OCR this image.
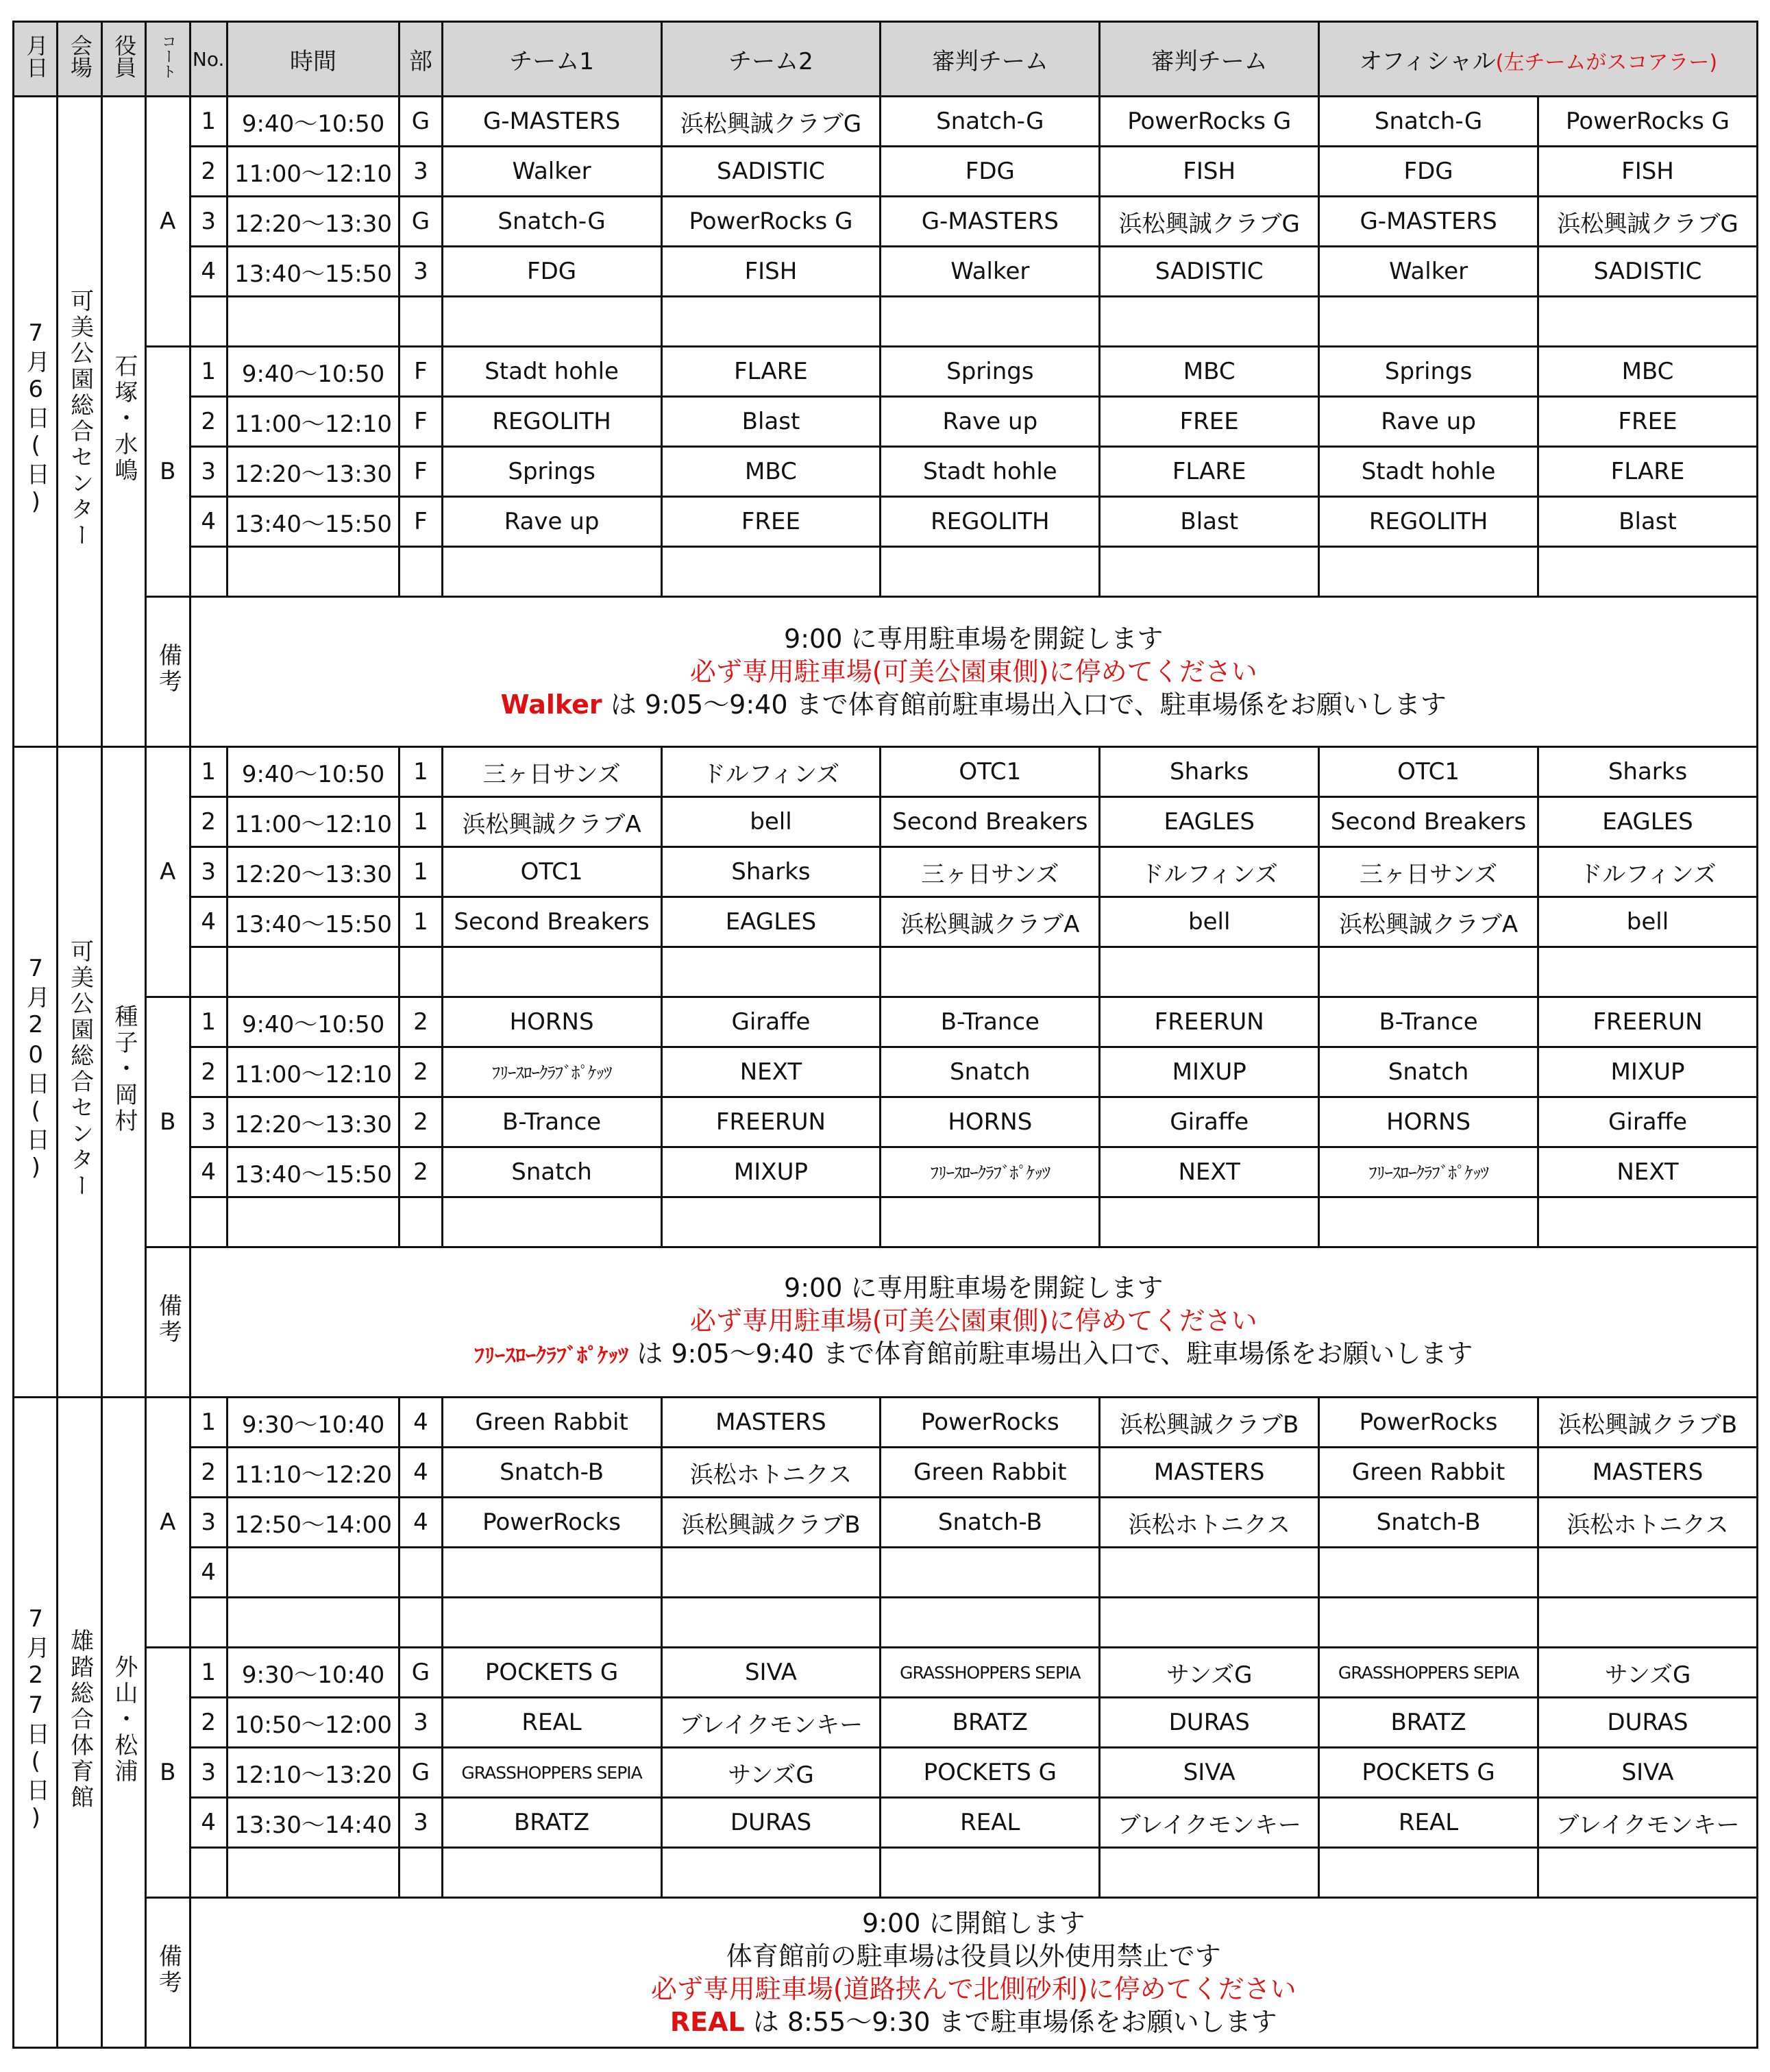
月日	会場	役員	コート	No.	時間	部	チーム1	チーム2	審判チーム	審判チーム	オフィシャル(左チームがスコアラー)	
7月6日(日)	可美公園総合センター	石塚・水嶋	A	1	9:40〜10:50	G	G-MASTERS	浜松興誠クラブG	Snatch-G	PowerRocks G	Snatch-G	PowerRocks G
				2	11:00〜12:10	3	Walker	SADISTIC	FDG	FISH	FDG	FISH
				3	12:20〜13:30	G	Snatch-G	PowerRocks G	G-MASTERS	浜松興誠クラブG	G-MASTERS	浜松興誠クラブG
				4	13:40〜15:50	3	FDG	FISH	Walker	SADISTIC	Walker	SADISTIC

			B	1	9:40〜10:50	F	Stadt hohle	FLARE	Springs	MBC	Springs	MBC
				2	11:00〜12:10	F	REGOLITH	Blast	Rave up	FREE	Rave up	FREE
				3	12:20〜13:30	F	Springs	MBC	Stadt hohle	FLARE	Stadt hohle	FLARE
				4	13:40〜15:50	F	Rave up	FREE	REGOLITH	Blast	REGOLITH	Blast

			備考	9:00 に専用駐車場を開錠します
必ず専用駐車場(可美公園東側)に停めてください
Walker は 9:05〜9:40 まで体育館前駐車場出入口で、駐車場係をお願いします								

7月20日(日)	可美公園総合センター	種子・岡村	A	1	9:40〜10:50	1	三ヶ日サンズ	ドルフィンズ	OTC1	Sharks	OTC1	Sharks
				2	11:00〜12:10	1	浜松興誠クラブA	bell	Second Breakers	EAGLES	Second Breakers	EAGLES
				3	12:20〜13:30	1	OTC1	Sharks	三ヶ日サンズ	ドルフィンズ	三ヶ日サンズ	ドルフィンズ
				4	13:40〜15:50	1	Second Breakers	EAGLES	浜松興誠クラブA	bell	浜松興誠クラブA	bell

			B	1	9:40〜10:50	2	HORNS	Giraffe	B-Trance	FREERUN	B-Trance	FREERUN
				2	11:00〜12:10	2	ﾌﾘｰｽﾛｰｸﾗﾌﾞﾎﾟｹｯﾂ	NEXT	Snatch	MIXUP	Snatch	MIXUP
				3	12:20〜13:30	2	B-Trance	FREERUN	HORNS	Giraffe	HORNS	Giraffe
				4	13:40〜15:50	2	Snatch	MIXUP	ﾌﾘｰｽﾛｰｸﾗﾌﾞﾎﾟｹｯﾂ	NEXT	ﾌﾘｰｽﾛｰｸﾗﾌﾞﾎﾟｹｯﾂ	NEXT

			備考	9:00 に専用駐車場を開錠します
必ず専用駐車場(可美公園東側)に停めてください
ﾌﾘｰｽﾛｰｸﾗﾌﾞﾎﾟｹｯﾂ は 9:05〜9:40 まで体育館前駐車場出入口で、駐車場係をお願いします								

7月27日(日)	雄踏総合体育館	外山・松浦	A	1	9:30〜10:40	4	Green Rabbit	MASTERS	PowerRocks	浜松興誠クラブB	PowerRocks	浜松興誠クラブB
				2	11:10〜12:20	4	Snatch-B	浜松ホトニクス	Green Rabbit	MASTERS	Green Rabbit	MASTERS
				3	12:50〜14:00	4	PowerRocks	浜松興誠クラブB	Snatch-B	浜松ホトニクス	Snatch-B	浜松ホトニクス
				4								

			B	1	9:30〜10:40	G	POCKETS G	SIVA	GRASSHOPPERS SEPIA	サンズG	GRASSHOPPERS SEPIA	サンズG
				2	10:50〜12:00	3	REAL	ブレイクモンキー	BRATZ	DURAS	BRATZ	DURAS
				3	12:10〜13:20	G	GRASSHOPPERS SEPIA	サンズG	POCKETS G	SIVA	POCKETS G	SIVA
				4	13:30〜14:40	3	BRATZ	DURAS	REAL	ブレイクモンキー	REAL	ブレイクモンキー

			備考	9:00 に開館します
体育館前の駐車場は役員以外使用禁止です
必ず専用駐車場(道路挟んで北側砂利)に停めてください
REAL は 8:55〜9:30 まで駐車場係をお願いします								
